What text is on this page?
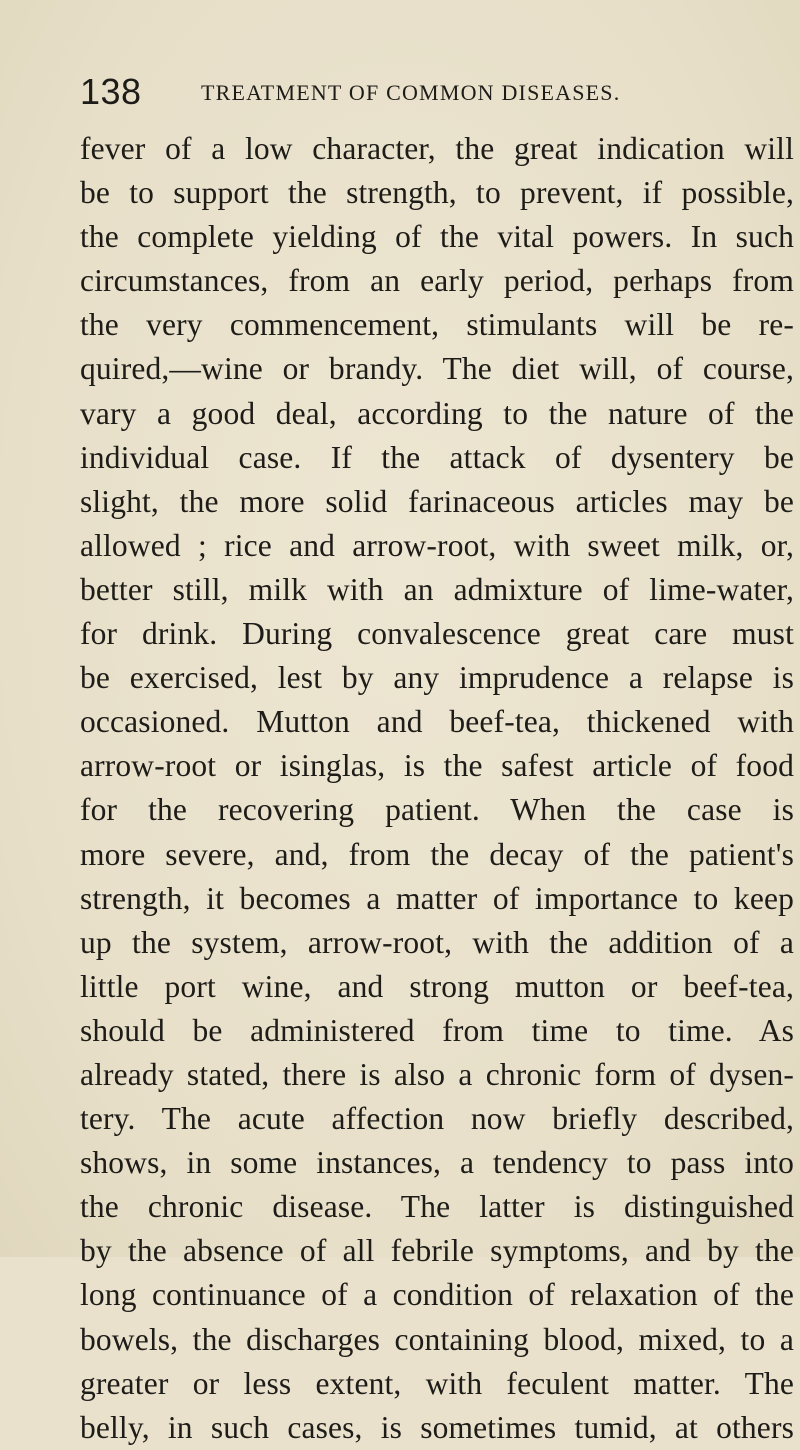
138	TREATMENT OF COMMON DISEASES.
fever of a low character, the great indication will
be to support the strength, to prevent, if possible,
the complete yielding of the vital powers. In such
circumstances, from an early period, perhaps from
the very commencement, stimulants will be re-
quired,—wine or brandy. The diet will, of course,
vary a good deal, according to the nature of the
individual case. If the attack of dysentery be
slight, the more solid farinaceous articles may be
allowed ; rice and arrow-root, with sweet milk, or,
better still, milk with an admixture of lime-water,
for drink. During convalescence great care must
be exercised, lest by any imprudence a relapse is
occasioned. Mutton and beef-tea, thickened with
arrow-root or isinglas, is the safest article of food
for the recovering patient. When the case is
more severe, and, from the decay of the patient's
strength, it becomes a matter of importance to keep
up the system, arrow-root, with the addition of a
little port wine, and strong mutton or beef-tea,
should be administered from time to time. As
already stated, there is also a chronic form of dysen-
tery. The acute affection now briefly described,
shows, in some instances, a tendency to pass into
the chronic disease. The latter is distinguished
by the absence of all febrile symptoms, and by the
long continuance of a condition of relaxation of the
bowels, the discharges containing blood, mixed, to a
greater or less extent, with feculent matter. The
belly, in such cases, is sometimes tumid, at others
